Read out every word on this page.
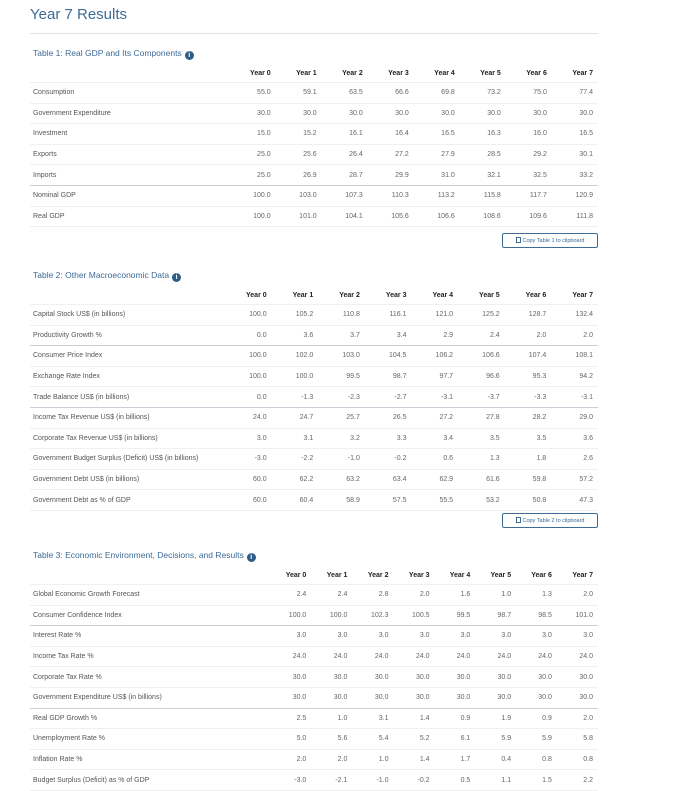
Year 7 Results
Table 1: Real GDP and Its Components i
	Year 0	Year 1	Year 2	Year 3	Year 4	Year 5	Year 6	Year 7
Consumption	55.0	59.1	63.5	66.6	69.8	73.2	75.0	77.4
Government Expenditure	30.0	30.0	30.0	30.0	30.0	30.0	30.0	30.0
Investment	15.0	15.2	16.1	16.4	16.5	16.3	16.0	16.5
Exports	25.0	25.6	26.4	27.2	27.9	28.5	29.2	30.1
Imports	25.0	26.9	28.7	29.9	31.0	32.1	32.5	33.2
Nominal GDP	100.0	103.0	107.3	110.3	113.2	115.8	117.7	120.9
Real GDP	100.0	101.0	104.1	105.6	106.6	108.6	109.6	111.8
Copy Table 1 to clipboard
Table 2: Other Macroeconomic Data i
	Year 0	Year 1	Year 2	Year 3	Year 4	Year 5	Year 6	Year 7
Capital Stock US$ (in billions)	100.0	105.2	110.8	116.1	121.0	125.2	128.7	132.4
Productivity Growth %	0.0	3.6	3.7	3.4	2.9	2.4	2.0	2.0
Consumer Price Index	100.0	102.0	103.0	104.5	106.2	106.6	107.4	108.1
Exchange Rate Index	100.0	100.0	99.5	98.7	97.7	96.6	95.3	94.2
Trade Balance US$ (in billions)	0.0	-1.3	-2.3	-2.7	-3.1	-3.7	-3.3	-3.1
Income Tax Revenue US$ (in billions)	24.0	24.7	25.7	26.5	27.2	27.8	28.2	29.0
Corporate Tax Revenue US$ (in billions)	3.0	3.1	3.2	3.3	3.4	3.5	3.5	3.6
Government Budget Surplus (Deficit) US$ (in billions)	-3.0	-2.2	-1.0	-0.2	0.6	1.3	1.8	2.6
Government Debt US$ (in billions)	60.0	62.2	63.2	63.4	62.9	61.6	59.8	57.2
Government Debt as % of GDP	60.0	60.4	58.9	57.5	55.5	53.2	50.8	47.3
Copy Table 2 to clipboard
Table 3: Economic Environment, Decisions, and Results i
	Year 0	Year 1	Year 2	Year 3	Year 4	Year 5	Year 6	Year 7
Global Economic Growth Forecast	2.4	2.4	2.8	2.0	1.6	1.0	1.3	2.0
Consumer Confidence Index	100.0	100.0	102.3	100.5	99.5	98.7	98.5	101.0
Interest Rate %	3.0	3.0	3.0	3.0	3.0	3.0	3.0	3.0
Income Tax Rate %	24.0	24.0	24.0	24.0	24.0	24.0	24.0	24.0
Corporate Tax Rate %	30.0	30.0	30.0	30.0	30.0	30.0	30.0	30.0
Government Expenditure US$ (in billions)	30.0	30.0	30.0	30.0	30.0	30.0	30.0	30.0
Real GDP Growth %	2.5	1.0	3.1	1.4	0.9	1.9	0.9	2.0
Unemployment Rate %	5.0	5.6	5.4	5.2	6.1	5.9	5.9	5.8
Inflation Rate %	2.0	2.0	1.0	1.4	1.7	0.4	0.8	0.8
Budget Surplus (Deficit) as % of GDP	-3.0	-2.1	-1.0	-0.2	0.5	1.1	1.5	2.2
